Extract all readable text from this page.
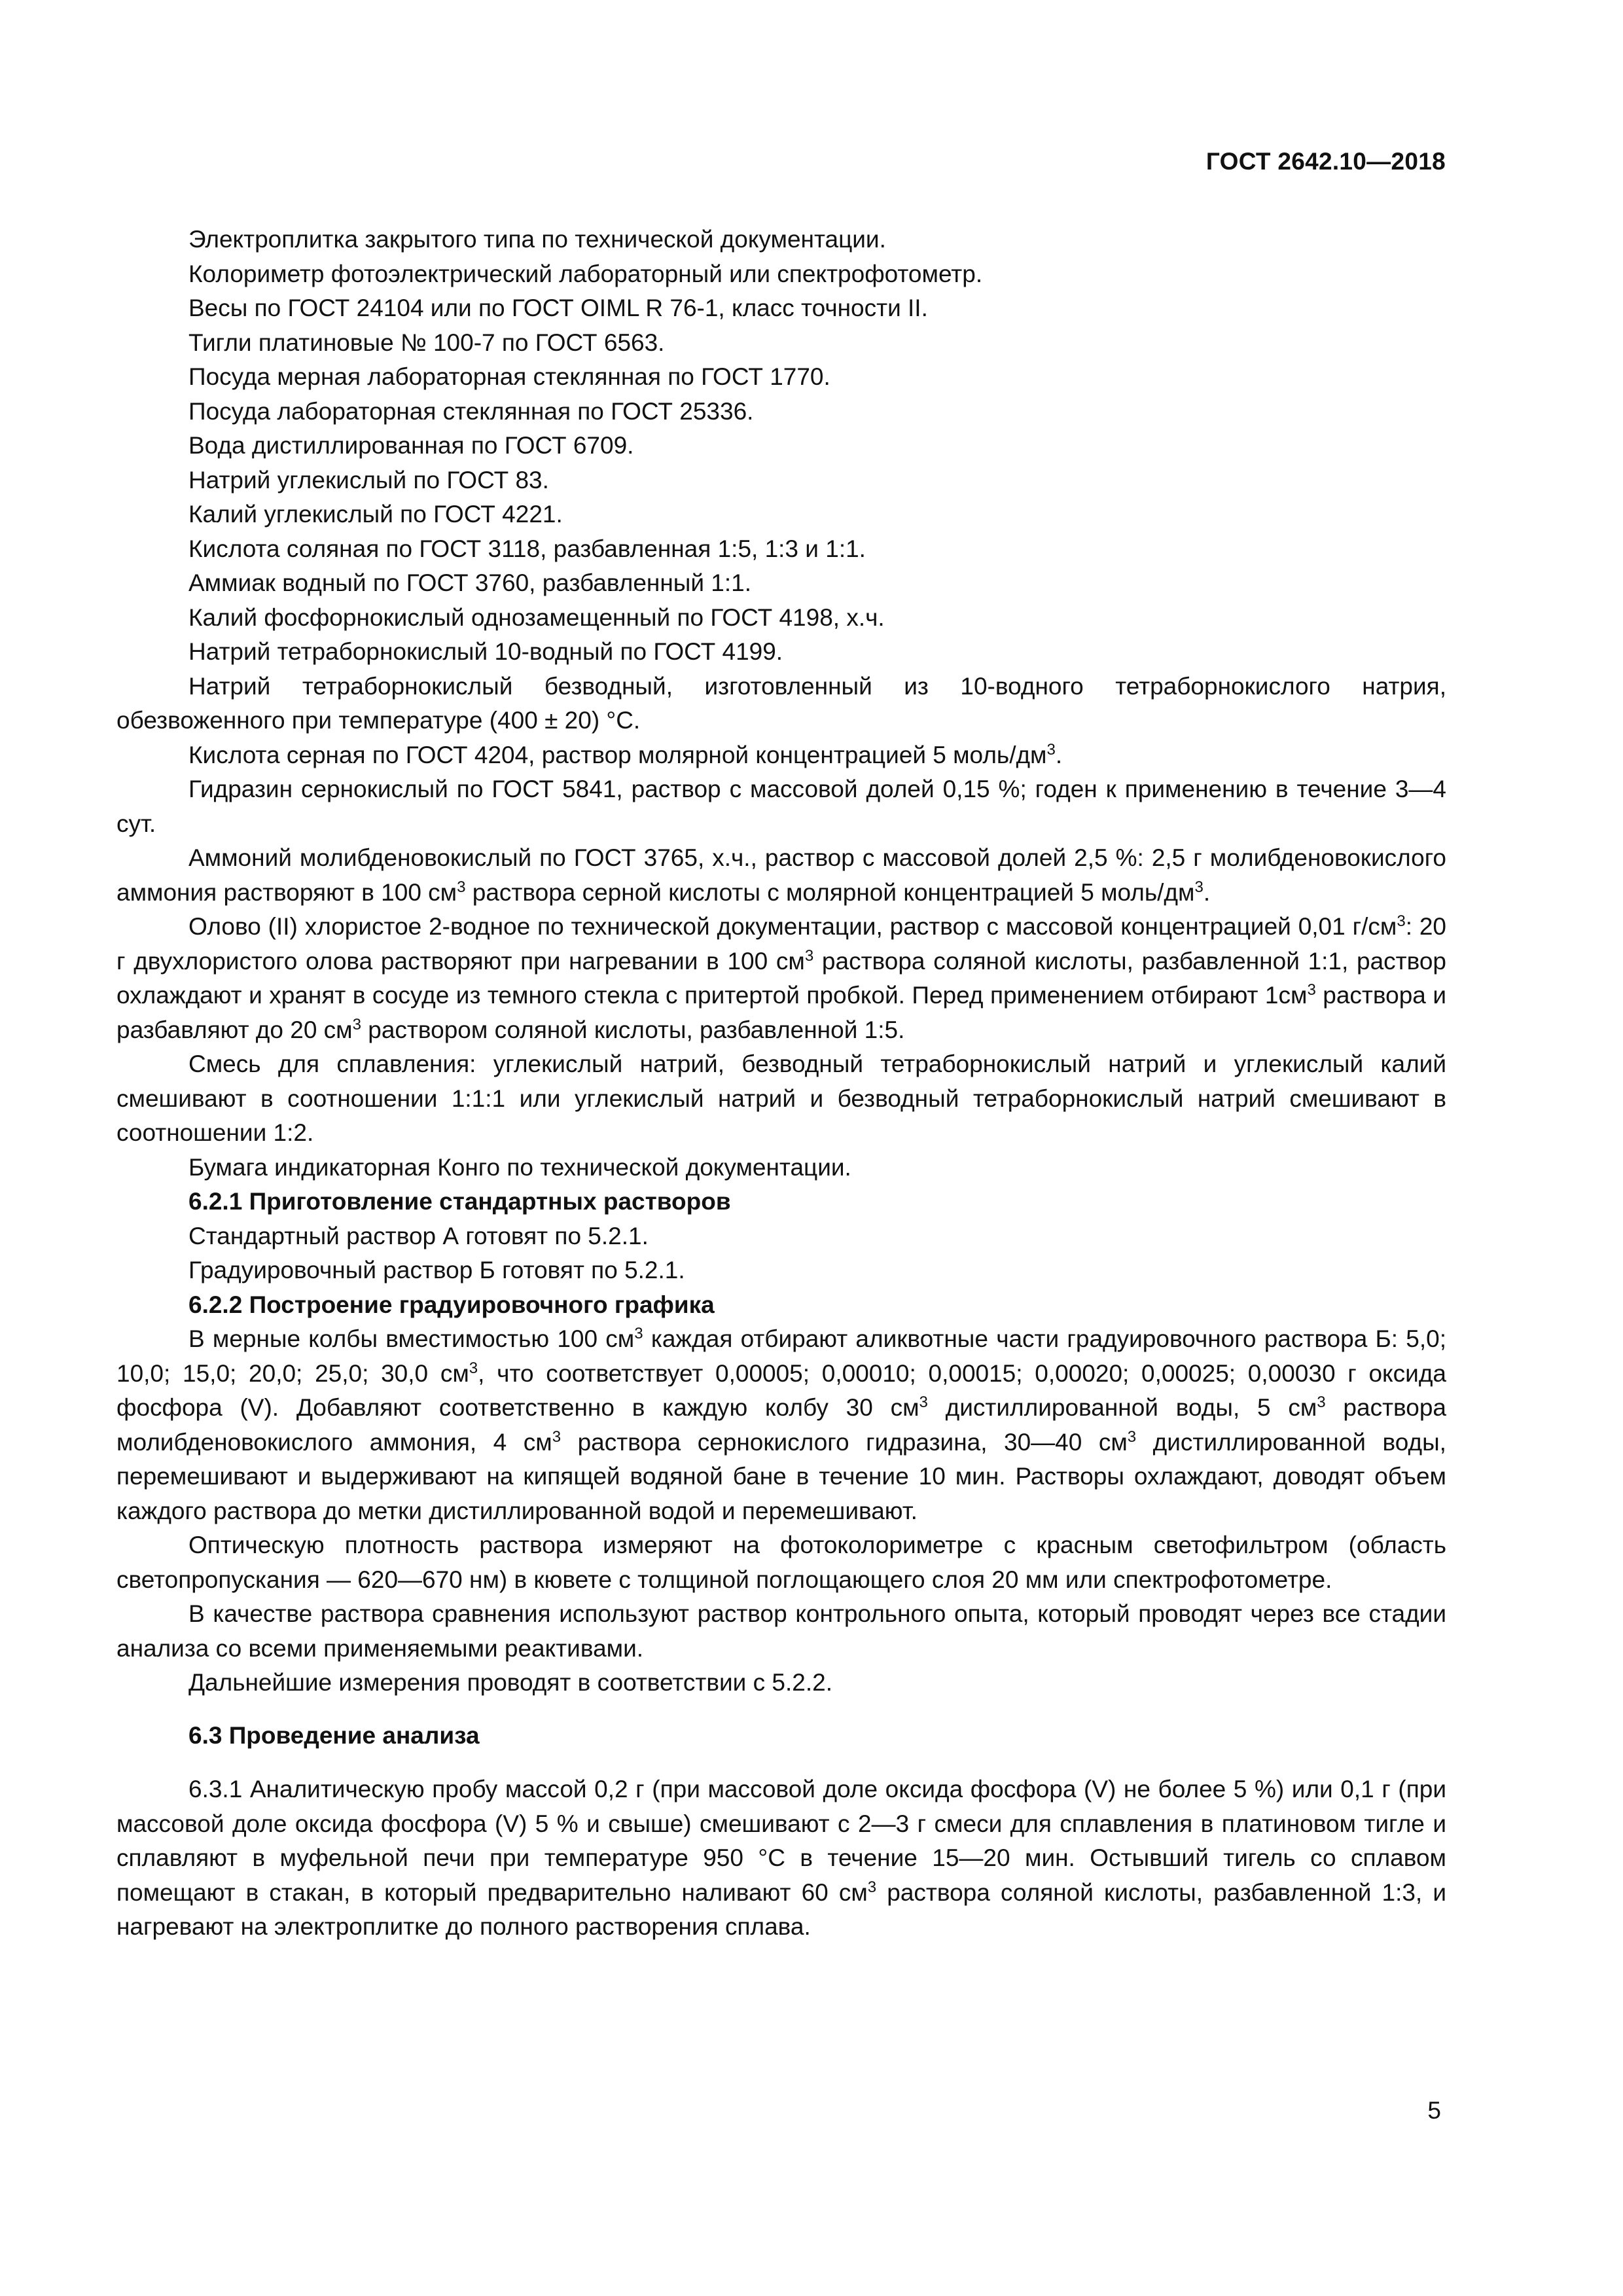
ГОСТ 2642.10—2018

Электроплитка закрытого типа по технической документации.

Колориметр фотоэлектрический лабораторный или спектрофотометр.

Весы по ГОСТ 24104 или по ГОСТ OIML R 76-1, класс точности II.

Тигли платиновые № 100-7 по ГОСТ 6563.

Посуда мерная лабораторная стеклянная по ГОСТ 1770.

Посуда лабораторная стеклянная по ГОСТ 25336.

Вода дистиллированная по ГОСТ 6709.

Натрий углекислый по ГОСТ 83.

Калий углекислый по ГОСТ 4221.

Кислота соляная по ГОСТ 3118, разбавленная 1:5, 1:3 и 1:1.

Аммиак водный по ГОСТ 3760, разбавленный 1:1.

Калий фосфорнокислый однозамещенный по ГОСТ 4198, х.ч.

Натрий тетраборнокислый 10-водный по ГОСТ 4199.

Натрий тетраборнокислый безводный, изготовленный из 10-водного тетраборнокислого натрия, обезвоженного при температуре (400 ± 20) °С.

Кислота серная по ГОСТ 4204, раствор молярной концентрацией 5 моль/$дм^3$.

Гидразин сернокислый по ГОСТ 5841, раствор с массовой долей 0,15 %; годен к применению в течение 3—4 сут.

Аммоний молибденовокислый по ГОСТ 3765, х.ч., раствор с массовой долей 2,5 %: 2,5 г молибденовокислого аммония растворяют в 100 $см^3$ раствора серной кислоты с молярной концентрацией 5 моль/$дм^3$.

Олово (II) хлористое 2-водное по технической документации, раствор с массовой концентрацией 0,01 $г/см^3$: 20 г двухлористого олова растворяют при нагревании в 100 $см^3$ раствора соляной кислоты, разбавленной 1:1, раствор охлаждают и хранят в сосуде из темного стекла с притертой пробкой. Перед применением отбирают $1см^3$ раствора и разбавляют до 20 $см^3$ раствором соляной кислоты, разбавленной 1:5.

Смесь для сплавления: углекислый натрий, безводный тетраборнокислый натрий и углекислый калий смешивают в соотношении 1:1:1 или углекислый натрий и безводный тетраборнокислый натрий смешивают в соотношении 1:2.

Бумага индикаторная Конго по технической документации.

6.2.1 Приготовление стандартных растворов

Стандартный раствор А готовят по 5.2.1.

Градуировочный раствор Б готовят по 5.2.1.

6.2.2 Построение градуировочного графика

В мерные колбы вместимостью 100 $см^3$ каждая отбирают аликвотные части градуировочного раствора Б: 5,0; 10,0; 15,0; 20,0; 25,0; 30,0 $см^3$, что соответствует 0,00005; 0,00010; 0,00015; 0,00020; 0,00025; 0,00030 г оксида фосфора (V). Добавляют соответственно в каждую колбу 30 $см^3$ дистиллированной воды, 5 $см^3$ раствора молибденовокислого аммония, 4 $см^3$ раствора сернокислого гидразина, 30—40 $см^3$ дистиллированной воды, перемешивают и выдерживают на кипящей водяной бане в течение 10 мин. Растворы охлаждают, доводят объем каждого раствора до метки дистиллированной водой и перемешивают.

Оптическую плотность раствора измеряют на фотоколориметре с красным светофильтром (область светопропускания — 620—670 нм) в кювете с толщиной поглощающего слоя 20 мм или спектрофотометре.

В качестве раствора сравнения используют раствор контрольного опыта, который проводят через все стадии анализа со всеми применяемыми реактивами.

Дальнейшие измерения проводят в соответствии с 5.2.2.

6.3 Проведение анализа

6.3.1 Аналитическую пробу массой 0,2 г (при массовой доле оксида фосфора (V) не более 5 %) или 0,1 г (при массовой доле оксида фосфора (V) 5 % и свыше) смешивают с 2—3 г смеси для сплавления в платиновом тигле и сплавляют в муфельной печи при температуре 950 °С в течение 15—20 мин. Остывший тигель со сплавом помещают в стакан, в который предварительно наливают 60 $см^3$ раствора соляной кислоты, разбавленной 1:3, и нагревают на электроплитке до полного растворения сплава.

5
